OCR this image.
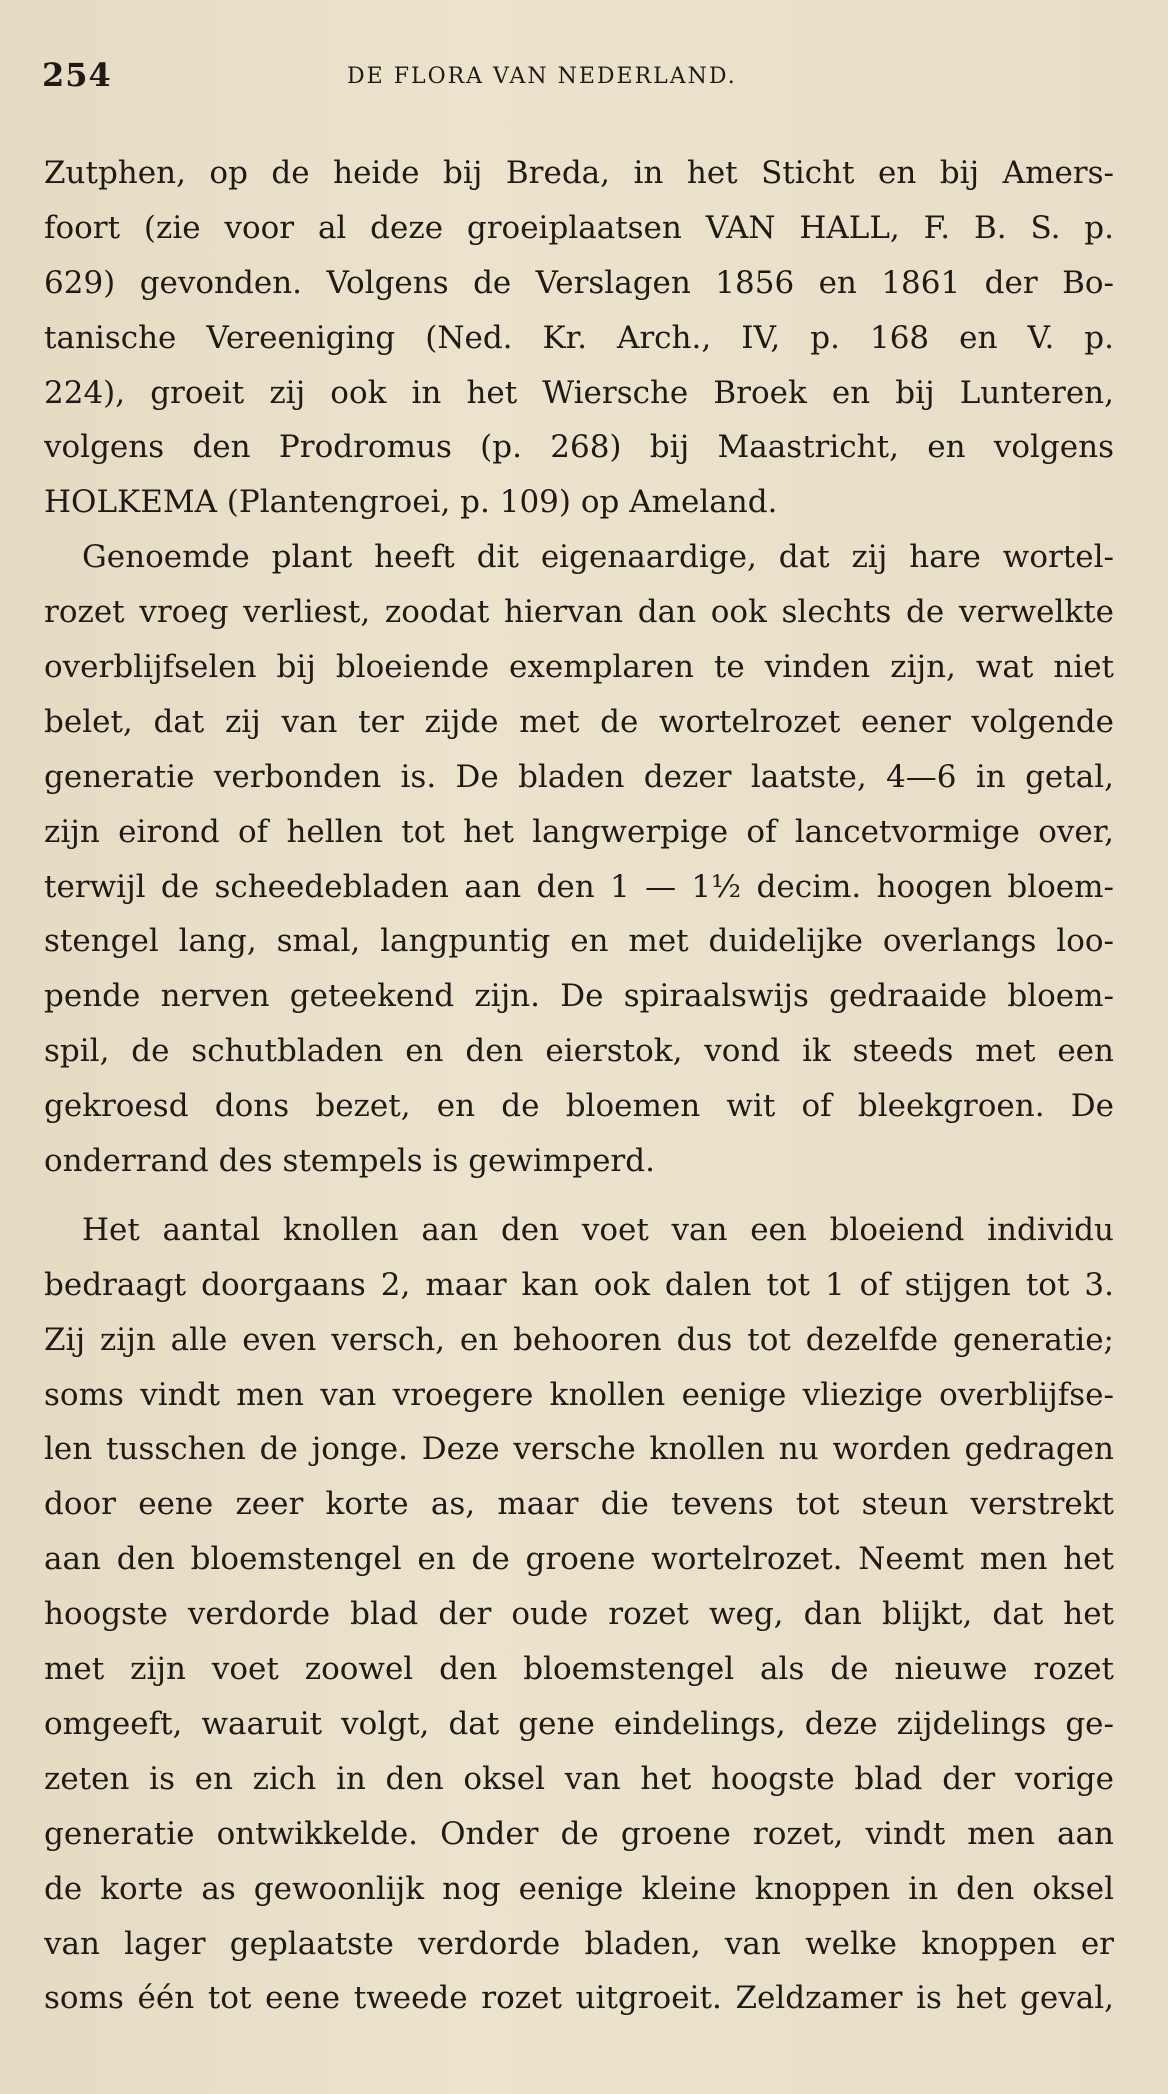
254	DE FLORA VAN NEDERLAND.
Zutphen, op de heide bij Breda, in het Sticht en bij Amers-
foort (zie voor al deze groeiplaatsen VAN HALL, F. B. S. p.
629) gevonden. Volgens de Verslagen 1856 en 1861 der Bo-
tanische Vereeniging (Ned. Kr. Arch., IV, p. 168 en V. p.
224), groeit zij ook in het Wiersche Broek en bij Lunteren,
volgens den Prodromus (p. 268) bij Maastricht, en volgens
HOLKEMA (Plantengroei, p. 109) op Ameland.
Genoemde plant heeft dit eigenaardige, dat zij hare wortel-
rozet vroeg verliest, zoodat hiervan dan ook slechts de verwelkte
overblijfselen bij bloeiende exemplaren te vinden zijn, wat niet
belet, dat zij van ter zijde met de wortelrozet eener volgende
generatie verbonden is. De bladen dezer laatste, 4—6 in getal,
zijn eirond of hellen tot het langwerpige of lancetvormige over,
terwijl de scheedebladen aan den 1 — 1½ decim. hoogen bloem-
stengel lang, smal, langpuntig en met duidelijke overlangs loo-
pende nerven geteekend zijn. De spiraalswijs gedraaide bloem-
spil, de schutbladen en den eierstok, vond ik steeds met een
gekroesd dons bezet, en de bloemen wit of bleekgroen. De
onderrand des stempels is gewimperd.
Het aantal knollen aan den voet van een bloeiend individu
bedraagt doorgaans 2, maar kan ook dalen tot 1 of stijgen tot 3.
Zij zijn alle even versch, en behooren dus tot dezelfde generatie;
soms vindt men van vroegere knollen eenige vliezige overblijfse-
len tusschen de jonge. Deze versche knollen nu worden gedragen
door eene zeer korte as, maar die tevens tot steun verstrekt
aan den bloemstengel en de groene wortelrozet. Neemt men het
hoogste verdorde blad der oude rozet weg, dan blijkt, dat het
met zijn voet zoowel den bloemstengel als de nieuwe rozet
omgeeft, waaruit volgt, dat gene eindelings, deze zijdelings ge-
zeten is en zich in den oksel van het hoogste blad der vorige
generatie ontwikkelde. Onder de groene rozet, vindt men aan
de korte as gewoonlijk nog eenige kleine knoppen in den oksel
van lager geplaatste verdorde bladen, van welke knoppen er
soms één tot eene tweede rozet uitgroeit. Zeldzamer is het geval,
